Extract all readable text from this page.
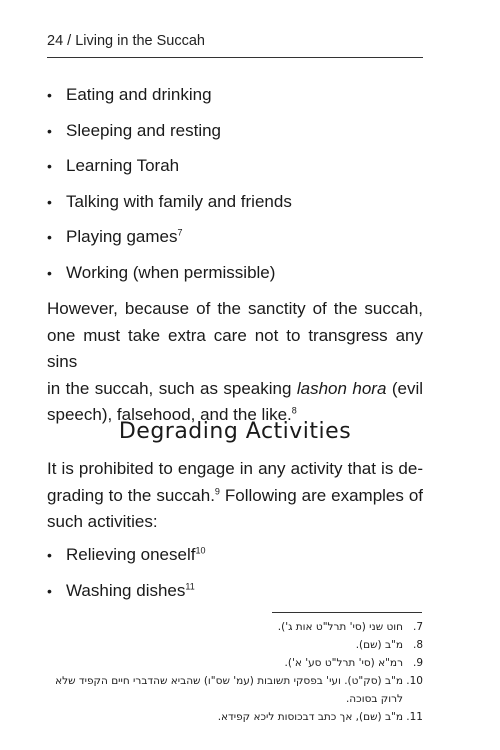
24 / Living in the Succah
• Eating and drinking
• Sleeping and resting
• Learning Torah
• Talking with family and friends
• Playing games$^7$
• Working (when permissible)
However, because of the sanctity of the succah,
one must take extra care not to transgress any sins
in the succah, such as speaking lashon hora (evil
speech), falsehood, and the like.$^8$
Degrading Activities
It is prohibited to engage in any activity that is de-
grading to the succah.$^9$ Following are examples of
such activities:
• Relieving oneself$^{10}$
• Washing dishes$^{11}$
7.
חוט שני (סי' תרל"ט אות ג').
8.
מ"ב (שם).
9.
רמ"א (סי' תרל"ט סע' א').
10.
מ"ב (סק"ט). ועי' בפסקי תשובות (עמ' שס"ו) שהביא שהדברי חיים הקפיד שלא לרוק בסוכה.
11.
מ"ב (שם), אך כתב דבכוסות ליכא קפידא.
